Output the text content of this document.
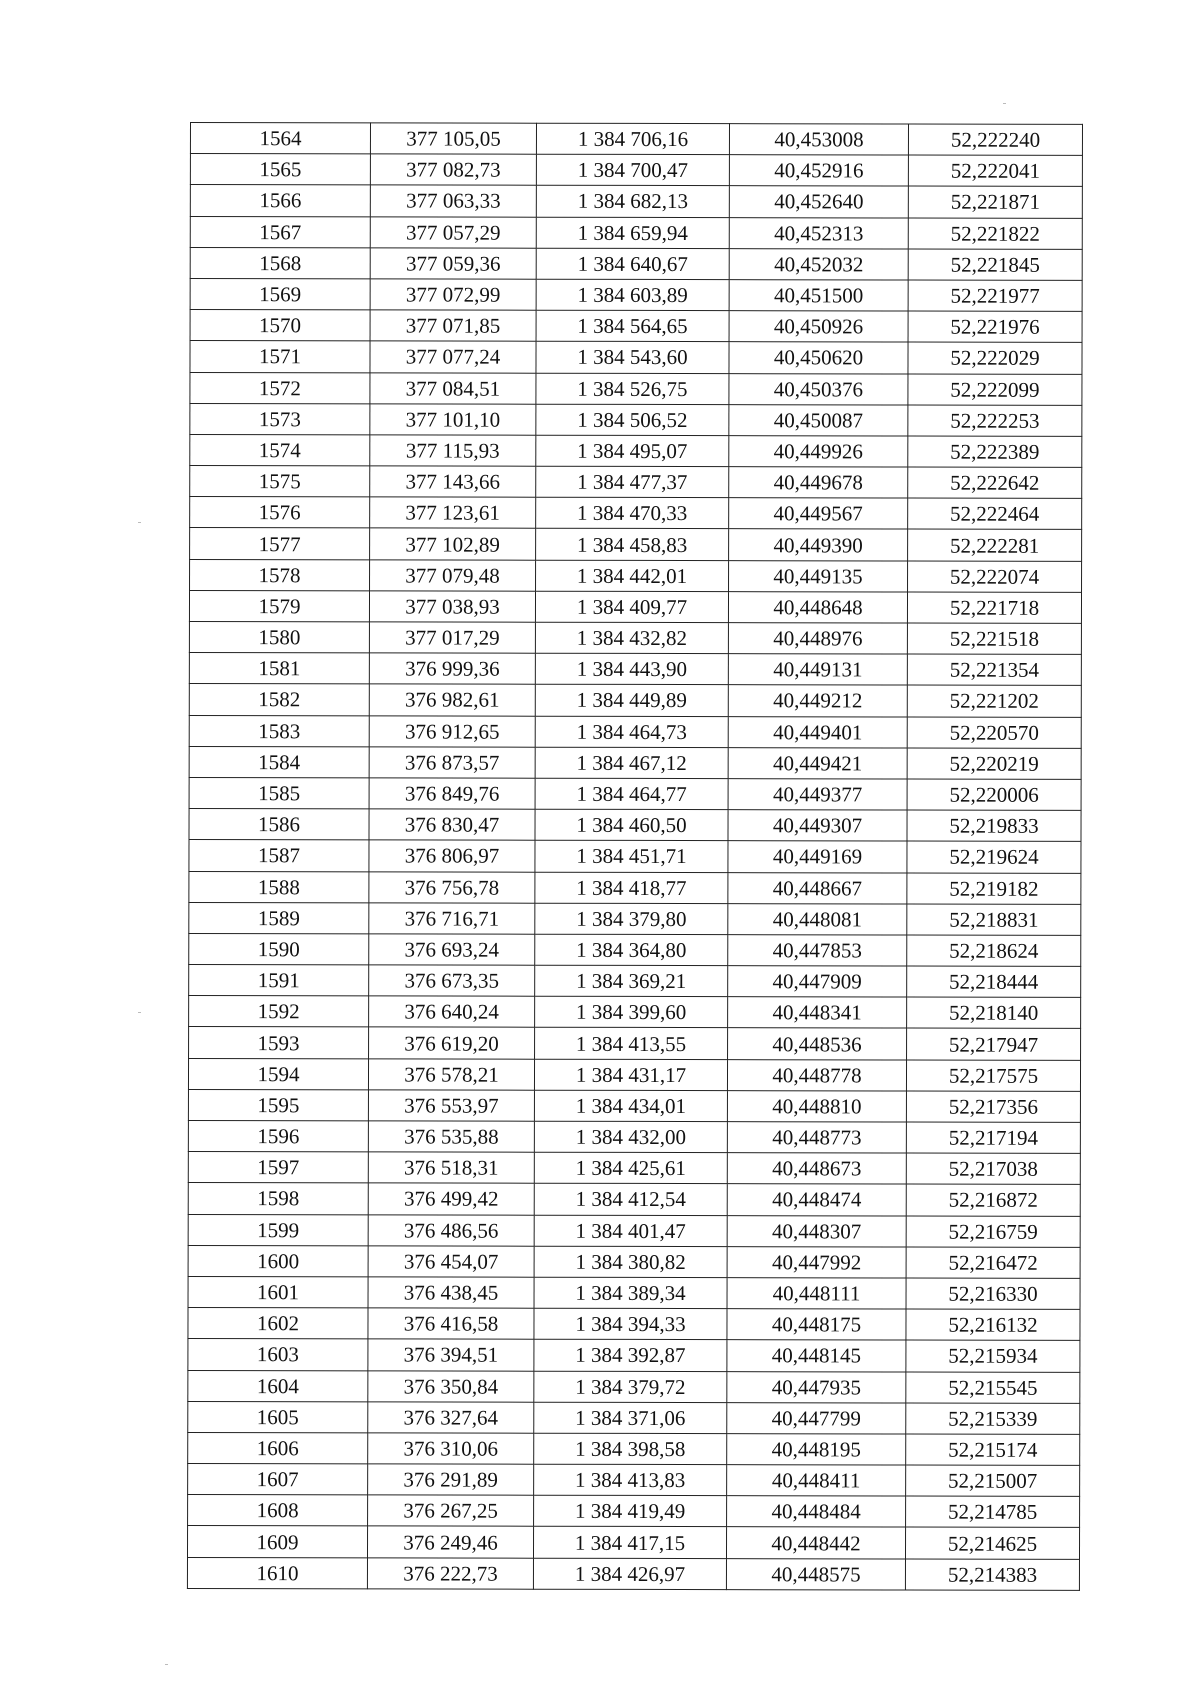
1564	377 105,05	1 384 706,16	40,453008	52,222240
1565	377 082,73	1 384 700,47	40,452916	52,222041
1566	377 063,33	1 384 682,13	40,452640	52,221871
1567	377 057,29	1 384 659,94	40,452313	52,221822
1568	377 059,36	1 384 640,67	40,452032	52,221845
1569	377 072,99	1 384 603,89	40,451500	52,221977
1570	377 071,85	1 384 564,65	40,450926	52,221976
1571	377 077,24	1 384 543,60	40,450620	52,222029
1572	377 084,51	1 384 526,75	40,450376	52,222099
1573	377 101,10	1 384 506,52	40,450087	52,222253
1574	377 115,93	1 384 495,07	40,449926	52,222389
1575	377 143,66	1 384 477,37	40,449678	52,222642
1576	377 123,61	1 384 470,33	40,449567	52,222464
1577	377 102,89	1 384 458,83	40,449390	52,222281
1578	377 079,48	1 384 442,01	40,449135	52,222074
1579	377 038,93	1 384 409,77	40,448648	52,221718
1580	377 017,29	1 384 432,82	40,448976	52,221518
1581	376 999,36	1 384 443,90	40,449131	52,221354
1582	376 982,61	1 384 449,89	40,449212	52,221202
1583	376 912,65	1 384 464,73	40,449401	52,220570
1584	376 873,57	1 384 467,12	40,449421	52,220219
1585	376 849,76	1 384 464,77	40,449377	52,220006
1586	376 830,47	1 384 460,50	40,449307	52,219833
1587	376 806,97	1 384 451,71	40,449169	52,219624
1588	376 756,78	1 384 418,77	40,448667	52,219182
1589	376 716,71	1 384 379,80	40,448081	52,218831
1590	376 693,24	1 384 364,80	40,447853	52,218624
1591	376 673,35	1 384 369,21	40,447909	52,218444
1592	376 640,24	1 384 399,60	40,448341	52,218140
1593	376 619,20	1 384 413,55	40,448536	52,217947
1594	376 578,21	1 384 431,17	40,448778	52,217575
1595	376 553,97	1 384 434,01	40,448810	52,217356
1596	376 535,88	1 384 432,00	40,448773	52,217194
1597	376 518,31	1 384 425,61	40,448673	52,217038
1598	376 499,42	1 384 412,54	40,448474	52,216872
1599	376 486,56	1 384 401,47	40,448307	52,216759
1600	376 454,07	1 384 380,82	40,447992	52,216472
1601	376 438,45	1 384 389,34	40,448111	52,216330
1602	376 416,58	1 384 394,33	40,448175	52,216132
1603	376 394,51	1 384 392,87	40,448145	52,215934
1604	376 350,84	1 384 379,72	40,447935	52,215545
1605	376 327,64	1 384 371,06	40,447799	52,215339
1606	376 310,06	1 384 398,58	40,448195	52,215174
1607	376 291,89	1 384 413,83	40,448411	52,215007
1608	376 267,25	1 384 419,49	40,448484	52,214785
1609	376 249,46	1 384 417,15	40,448442	52,214625
1610	376 222,73	1 384 426,97	40,448575	52,214383
